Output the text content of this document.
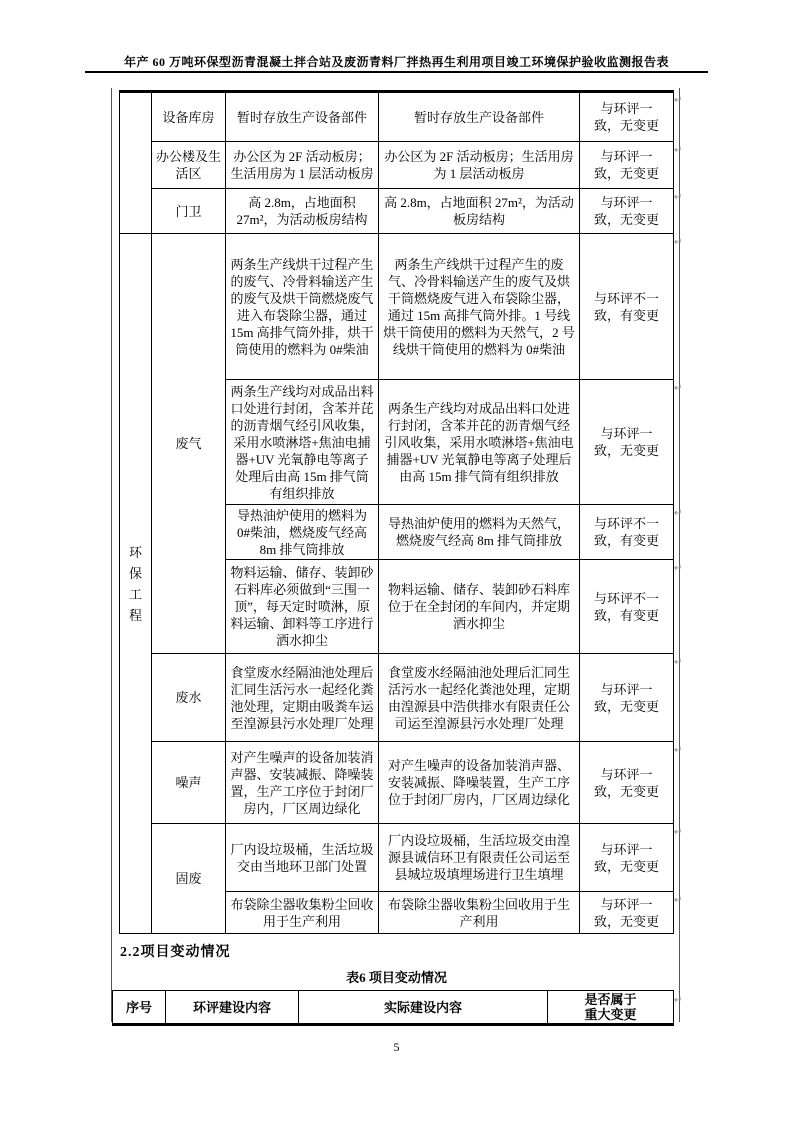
年产 60 万吨环保型沥青混凝土拌合站及废沥青料厂拌热再生利用项目竣工环境保护验收监测报告表
	设备库房	暂时存放生产设备部件	暂时存放生产设备部件	与环评一致，无变更
	办公楼及生活区	办公区为 2F 活动板房；生活用房为 1 层活动板房	办公区为 2F 活动板房；生活用房为 1 层活动板房	与环评一致，无变更
	门卫	高 2.8m，占地面积 27m²，为活动板房结构	高 2.8m，占地面积 27m²，为活动板房结构	与环评一致，无变更
环保工程	废气	两条生产线烘干过程产生的废气、冷骨料输送产生的废气及烘干筒燃烧废气进入布袋除尘器，通过 15m 高排气筒外排，烘干筒使用的燃料为 0#柴油	两条生产线烘干过程产生的废气、冷骨料输送产生的废气及烘干筒燃烧废气进入布袋除尘器，通过 15m 高排气筒外排。1 号线烘干筒使用的燃料为天然气，2 号线烘干筒使用的燃料为 0#柴油	与环评不一致，有变更
		两条生产线均对成品出料口处进行封闭，含苯并芘的沥青烟气经引风收集，采用水喷淋塔+焦油电捕器+UV 光氧静电等离子处理后由高 15m 排气筒有组织排放	两条生产线均对成品出料口处进行封闭，含苯并芘的沥青烟气经引风收集，采用水喷淋塔+焦油电捕器+UV 光氧静电等离子处理后由高 15m 排气筒有组织排放	与环评一致，无变更
		导热油炉使用的燃料为 0#柴油，燃烧废气经高 8m 排气筒排放	导热油炉使用的燃料为天然气，燃烧废气经高 8m 排气筒排放	与环评不一致，有变更
		物料运输、储存、装卸砂石料库必须做到“三围一顶”，每天定时喷淋，原料运输、卸料等工序进行洒水抑尘	物料运输、储存、装卸砂石料库位于在全封闭的车间内，并定期洒水抑尘	与环评不一致，有变更
	废水	食堂废水经隔油池处理后汇同生活污水一起经化粪池处理，定期由吸粪车运至湟源县污水处理厂处理	食堂废水经隔油池处理后汇同生活污水一起经化粪池处理，定期由湟源县中浩供排水有限责任公司运至湟源县污水处理厂处理	与环评一致，无变更
	噪声	对产生噪声的设备加装消声器、安装减振、降噪装置，生产工序位于封闭厂房内，厂区周边绿化	对产生噪声的设备加装消声器、安装减振、降噪装置，生产工序位于封闭厂房内，厂区周边绿化	与环评一致，无变更
	固废	厂内设垃圾桶，生活垃圾交由当地环卫部门处置	厂内设垃圾桶，生活垃圾交由湟源县诚信环卫有限责任公司运至县城垃圾填埋场进行卫生填埋	与环评一致，无变更
		布袋除尘器收集粉尘回收用于生产利用	布袋除尘器收集粉尘回收用于生产利用	与环评一致，无变更
2.2项目变动情况
表6 项目变动情况
序号	环评建设内容	实际建设内容	是否属于重大变更
↵
↵
↵
↵
↵
↵
↵
↵
↵
↵
↵
↵
5
